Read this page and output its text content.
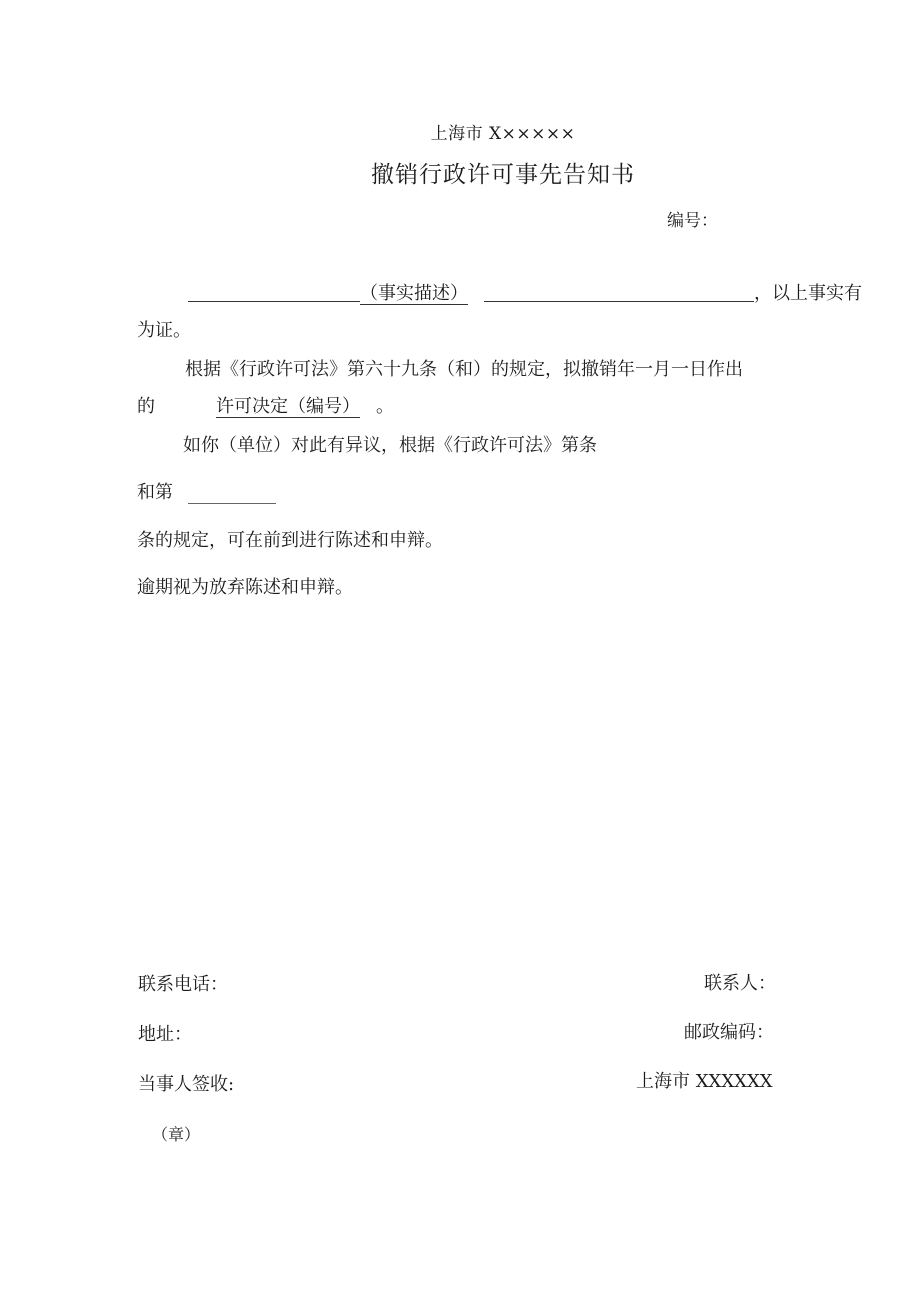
上海市 X×××××
撤销行政许可事先告知书
编号：
（事实描述）	，以上事实有
为证。
根据《行政许可法》第六十九条（和）的规定，拟撤销年一月一日作出
的	许可决定（编号） 。
如你（单位）对此有异议，根据《行政许可法》第条
和第
条的规定，可在前到进行陈述和申辩。
逾期视为放弃陈述和申辩。
联系电话：	联系人：
地址：	邮政编码：
当事人签收:	上海市 XXXXXX
（章）
